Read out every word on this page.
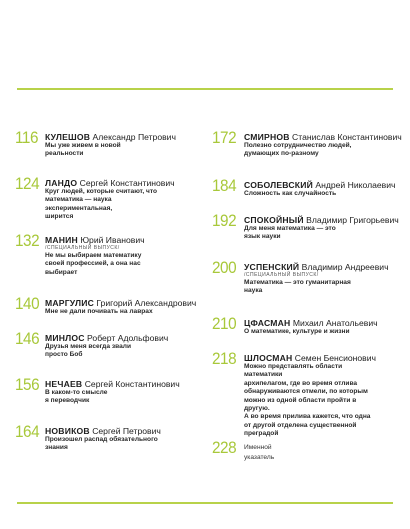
116 КУЛЕШОВ Александр Петрович
Мы уже живем в новой
реальности
124 ЛАНДО Сергей Константинович
Круг людей, которые считают, что
математика — наука экспериментальная,
ширится
132 МАНИН Юрий Иванович
/СПЕЦИАЛЬНЫЙ ВЫПУСК/
Не мы выбираем математику
своей профессией, а она нас
выбирает
140 МАРГУЛИС Григорий Александрович
Мне не дали почивать на лаврах
146 МИНЛОС Роберт Адольфович
Друзья меня всегда звали
просто Боб
156 НЕЧАЕВ Сергей Константинович
В каком-то смысле
я переводчик
164 НОВИКОВ Сергей Петрович
Произошел распад обязательного
знания
172 СМИРНОВ Станислав Константинович
Полезно сотрудничество людей,
думающих по-разному
184 СОБОЛЕВСКИЙ Андрей Николаевич
Сложность как случайность
192 СПОКОЙНЫЙ Владимир Григорьевич
Для меня математика — это
язык науки
200 УСПЕНСКИЙ Владимир Андреевич
/СПЕЦИАЛЬНЫЙ ВЫПУСК/
Математика — это гуманитарная
наука
210 ЦФАСМАН Михаил Анатольевич
О математике, культуре и жизни
218 ШЛОСМАН Семен Бенсионович
Можно представлять области математики
архипелагом, где во время отлива
обнаруживаются отмели, по которым
можно из одной области пройти в другую.
А во время прилива кажется, что одна
от другой отделена существенной
преградой
228 Именной указатель
